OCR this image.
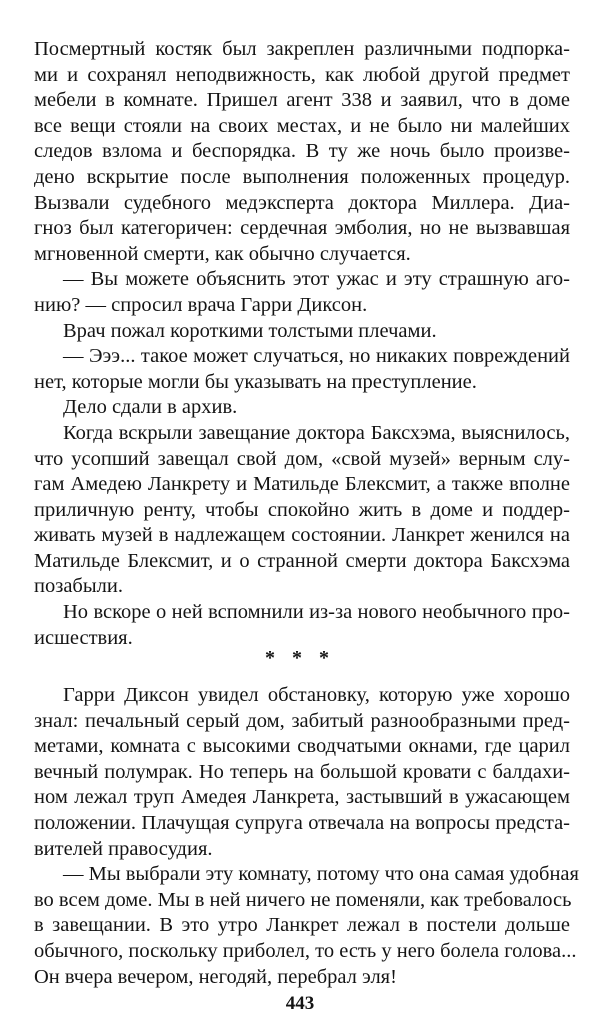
Посмертный костяк был закреплен различными подпорка-
ми и сохранял неподвижность, как любой другой предмет
мебели в комнате. Пришел агент 338 и заявил, что в доме
все вещи стояли на своих местах, и не было ни малейших
следов взлома и беспорядка. В ту же ночь было произве-
дено вскрытие после выполнения положенных процедур.
Вызвали судебного медэксперта доктора Миллера. Диа-
гноз был категоричен: сердечная эмболия, но не вызвавшая
мгновенной смерти, как обычно случается.
— Вы можете объяснить этот ужас и эту страшную аго-
нию? — спросил врача Гарри Диксон.
Врач пожал короткими толстыми плечами.
— Эээ... такое может случаться, но никаких повреждений
нет, которые могли бы указывать на преступление.
Дело сдали в архив.
Когда вскрыли завещание доктора Баксхэма, выяснилось,
что усопший завещал свой дом, «свой музей» верным слу-
гам Амедею Ланкрету и Матильде Блексмит, а также вполне
приличную ренту, чтобы спокойно жить в доме и поддер-
живать музей в надлежащем состоянии. Ланкрет женился на
Матильде Блексмит, и о странной смерти доктора Баксхэма
позабыли.
Но вскоре о ней вспомнили из-за нового необычного про-
исшествия.
* * *
Гарри Диксон увидел обстановку, которую уже хорошо
знал: печальный серый дом, забитый разнообразными пред-
метами, комната с высокими сводчатыми окнами, где царил
вечный полумрак. Но теперь на большой кровати с балдахи-
ном лежал труп Амедея Ланкрета, застывший в ужасающем
положении. Плачущая супруга отвечала на вопросы предста-
вителей правосудия.
— Мы выбрали эту комнату, потому что она самая удобная
во всем доме. Мы в ней ничего не поменяли, как требовалось
в завещании. В это утро Ланкрет лежал в постели дольше
обычного, поскольку приболел, то есть у него болела голова...
Он вчера вечером, негодяй, перебрал эля!
443
